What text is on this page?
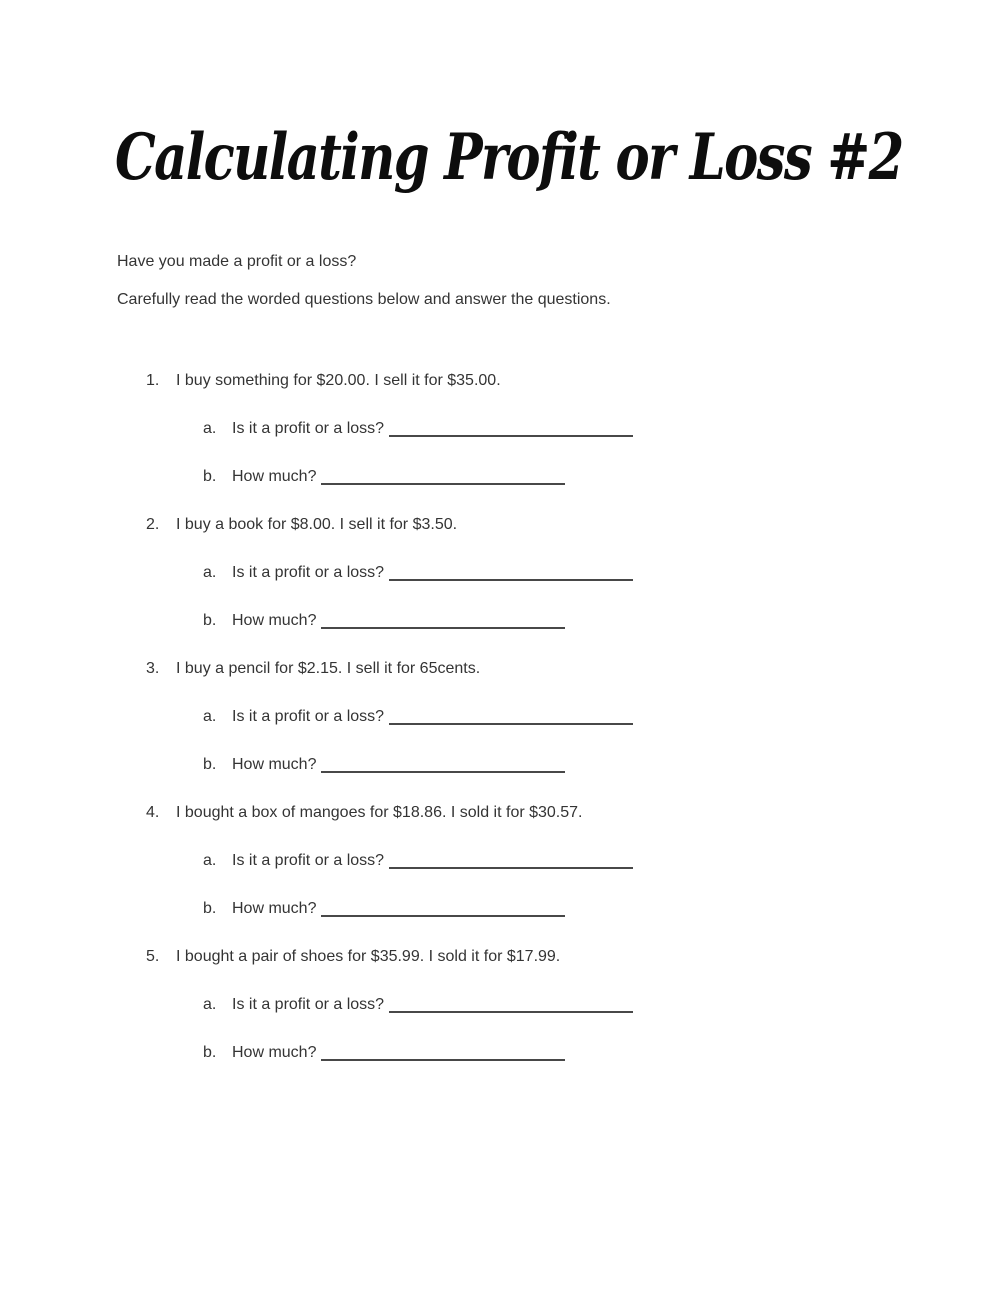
Calculating Profit or Loss #2

Have you made a profit or a loss?

Carefully read the worded questions below and answer the questions.

1. I buy something for $20.00. I sell it for $35.00.
a. Is it a profit or a loss?
b. How much?
2. I buy a book for $8.00. I sell it for $3.50.
a. Is it a profit or a loss?
b. How much?
3. I buy a pencil for $2.15. I sell it for 65cents.
a. Is it a profit or a loss?
b. How much?
4. I bought a box of mangoes for $18.86. I sold it for $30.57.
a. Is it a profit or a loss?
b. How much?
5. I bought a pair of shoes for $35.99. I sold it for $17.99.
a. Is it a profit or a loss?
b. How much?
